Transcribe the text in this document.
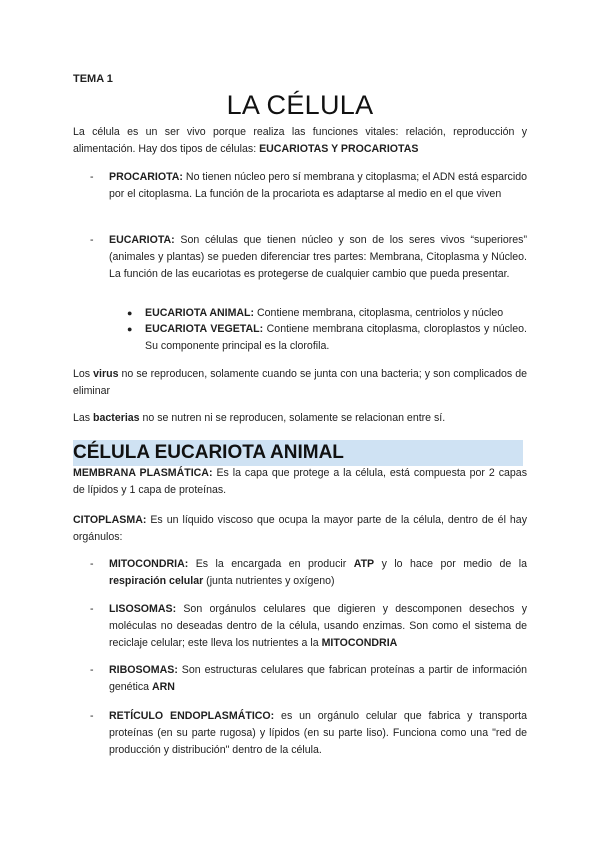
TEMA 1

LA CÉLULA

La célula es un ser vivo porque realiza las funciones vitales: relación, reproducción y alimentación. Hay dos tipos de células: EUCARIOTAS Y PROCARIOTAS

- PROCARIOTA: No tienen núcleo pero sí membrana y citoplasma; el ADN está esparcido por el citoplasma. La función de la procariota es adaptarse al medio en el que viven
- EUCARIOTA: Son células que tienen núcleo y son de los seres vivos “superiores” (animales y plantas) se pueden diferenciar tres partes: Membrana, Citoplasma y Núcleo. La función de las eucariotas es protegerse de cualquier cambio que pueda presentar.
● EUCARIOTA ANIMAL: Contiene membrana, citoplasma, centriolos y núcleo
● EUCARIOTA VEGETAL: Contiene membrana citoplasma, cloroplastos y núcleo. Su componente principal es la clorofila.

Los virus no se reproducen, solamente cuando se junta con una bacteria; y son complicados de eliminar

Las bacterias no se nutren ni se reproducen, solamente se relacionan entre sí.

CÉLULA EUCARIOTA ANIMAL

MEMBRANA PLASMÁTICA: Es la capa que protege a la célula, está compuesta por 2 capas de lípidos y 1 capa de proteínas.

CITOPLASMA: Es un líquido viscoso que ocupa la mayor parte de la célula, dentro de él hay orgánulos:

- MITOCONDRIA: Es la encargada en producir ATP y lo hace por medio de la respiración celular (junta nutrientes y oxígeno)
- LISOSOMAS: Son orgánulos celulares que digieren y descomponen desechos y moléculas no deseadas dentro de la célula, usando enzimas. Son como el sistema de reciclaje celular; este lleva los nutrientes a la MITOCONDRIA
- RIBOSOMAS: Son estructuras celulares que fabrican proteínas a partir de información genética ARN
- RETÍCULO ENDOPLASMÁTICO: es un orgánulo celular que fabrica y transporta proteínas (en su parte rugosa) y lípidos (en su parte liso). Funciona como una "red de producción y distribución" dentro de la célula.
